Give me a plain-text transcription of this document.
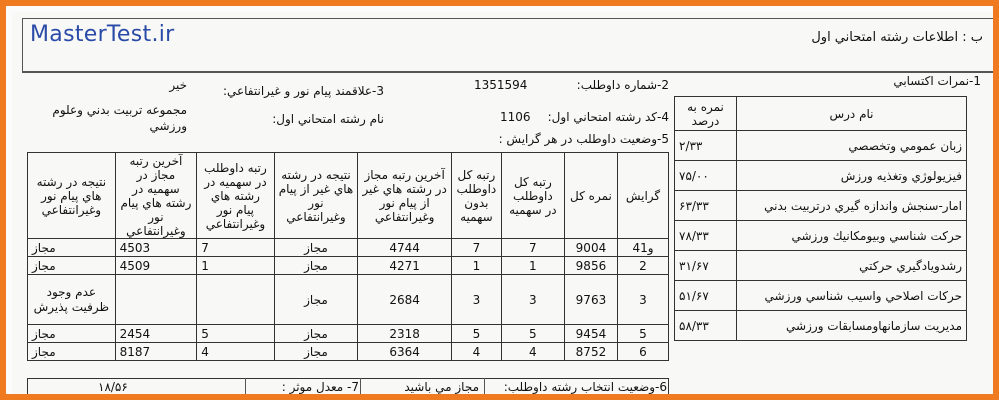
MasterTest.ir	ب : اطلاعات رشته امتحاني اول
1-نمرات اكتسابي
2-شماره داوطلب:
1351594
3-علاقمند پيام نور و غيرانتفاعي:
خير
4-كد رشته امتحاني اول:
1106
نام رشته امتحاني اول:
مجموعه تربيت بدني وعلوم ورزشي
5-وضعيت داوطلب در هر گرايش :
نمره به درصد	نام درس
۲/۳۳	زبان عمومي وتخصصي
۷۵/۰۰	فيزيولوژي وتغذيه ورزش
۶۳/۳۳	امار-سنجش واندازه گيري درتربيت بدني
۷۸/۳۳	حركت شناسي وبيومكانيك ورزشي
۳۱/۶۷	رشدويادگيري حركتي
۵۱/۶۷	حركات اصلاحي واسيب شناسي ورزشي
۵۸/۳۳	مديريت سازمانهاومسابقات ورزشي
نتيجه در رشته هاي پيام نور وغيرانتفاعي	آخرين رتبه مجاز در سهميه در رشته هاي پيام نور وغيرانتفاعي	رتبه داوطلب در سهميه در رشته هاي پيام نور وغيرانتفاعي	نتيجه در رشته هاي غير از پيام نور وغيرانتفاعي	آخرين رتبه مجاز در رشته هاي غير از پيام نور وغيرانتفاعي	رتبه كل داوطلب بدون سهميه	رتبه كل داوطلب در سهميه	نمره كل	گرايش
مجاز	4503	7	مجاز	4744	7	7	9004	4و1
مجاز	4509	1	مجاز	4271	1	1	9856	2
عدم وجود ظرفيت پذيرش			مجاز	2684	3	3	9763	3
مجاز	2454	5	مجاز	2318	5	5	9454	5
مجاز	8187	4	مجاز	6364	4	4	8752	6
6-وضعيت انتخاب رشته داوطلب:
مجاز مي باشيد
7- معدل موثر :
۱۸/۵۶
